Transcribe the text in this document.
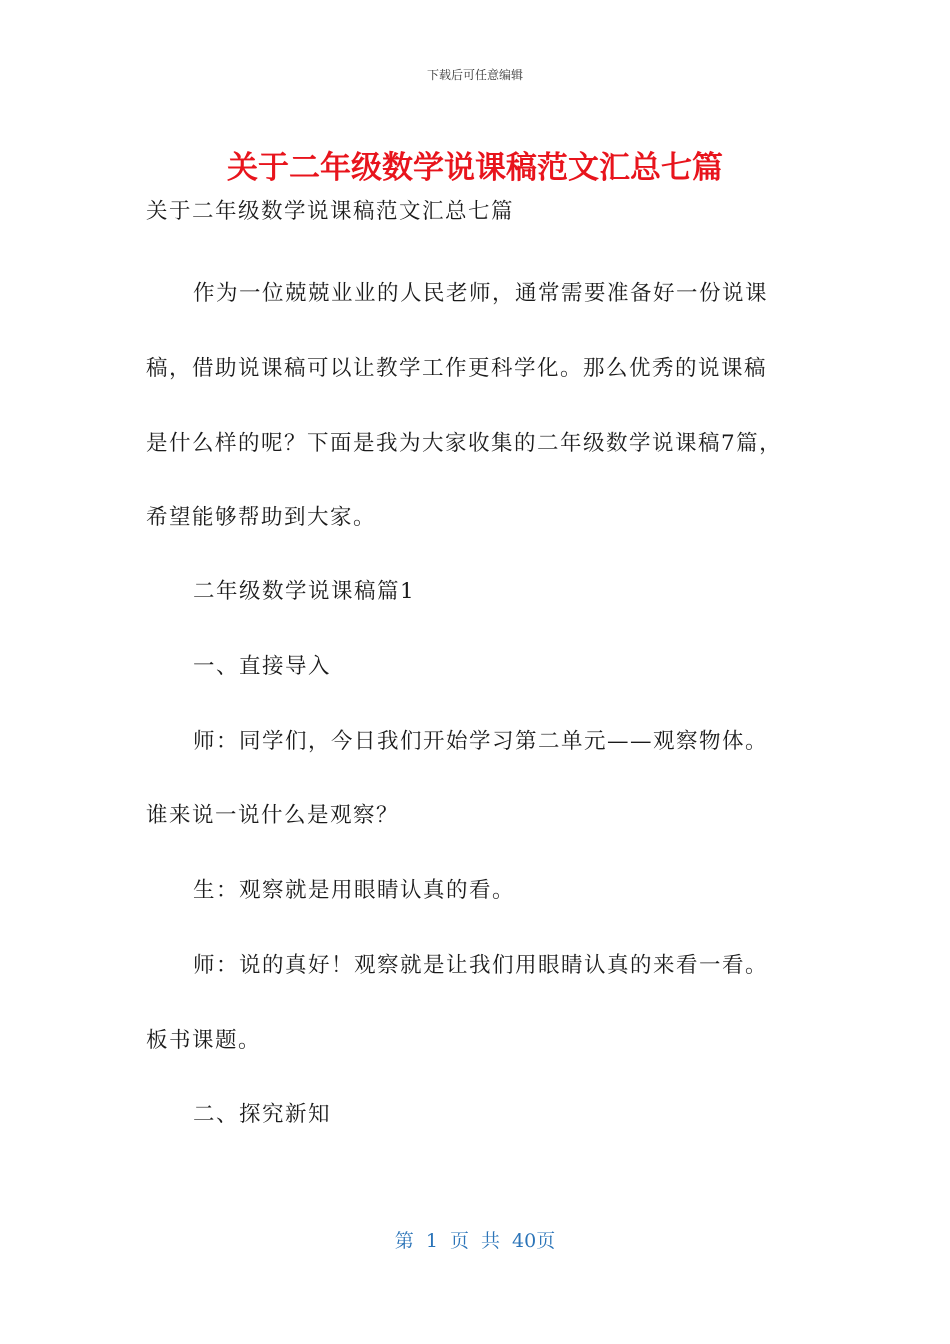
下载后可任意编辑
关于二年级数学说课稿范文汇总七篇
关于二年级数学说课稿范文汇总七篇
作为一位兢兢业业的人民老师，通常需要准备好一份说课
稿，借助说课稿可以让教学工作更科学化。那么优秀的说课稿
是什么样的呢？下面是我为大家收集的二年级数学说课稿7篇，
希望能够帮助到大家。
二年级数学说课稿篇1
一、直接导入
师：同学们，今日我们开始学习第二单元——观察物体。
谁来说一说什么是观察？
生：观察就是用眼睛认真的看。
师：说的真好！观察就是让我们用眼睛认真的来看一看。
板书课题。
二、探究新知
第 1 页 共 40页
